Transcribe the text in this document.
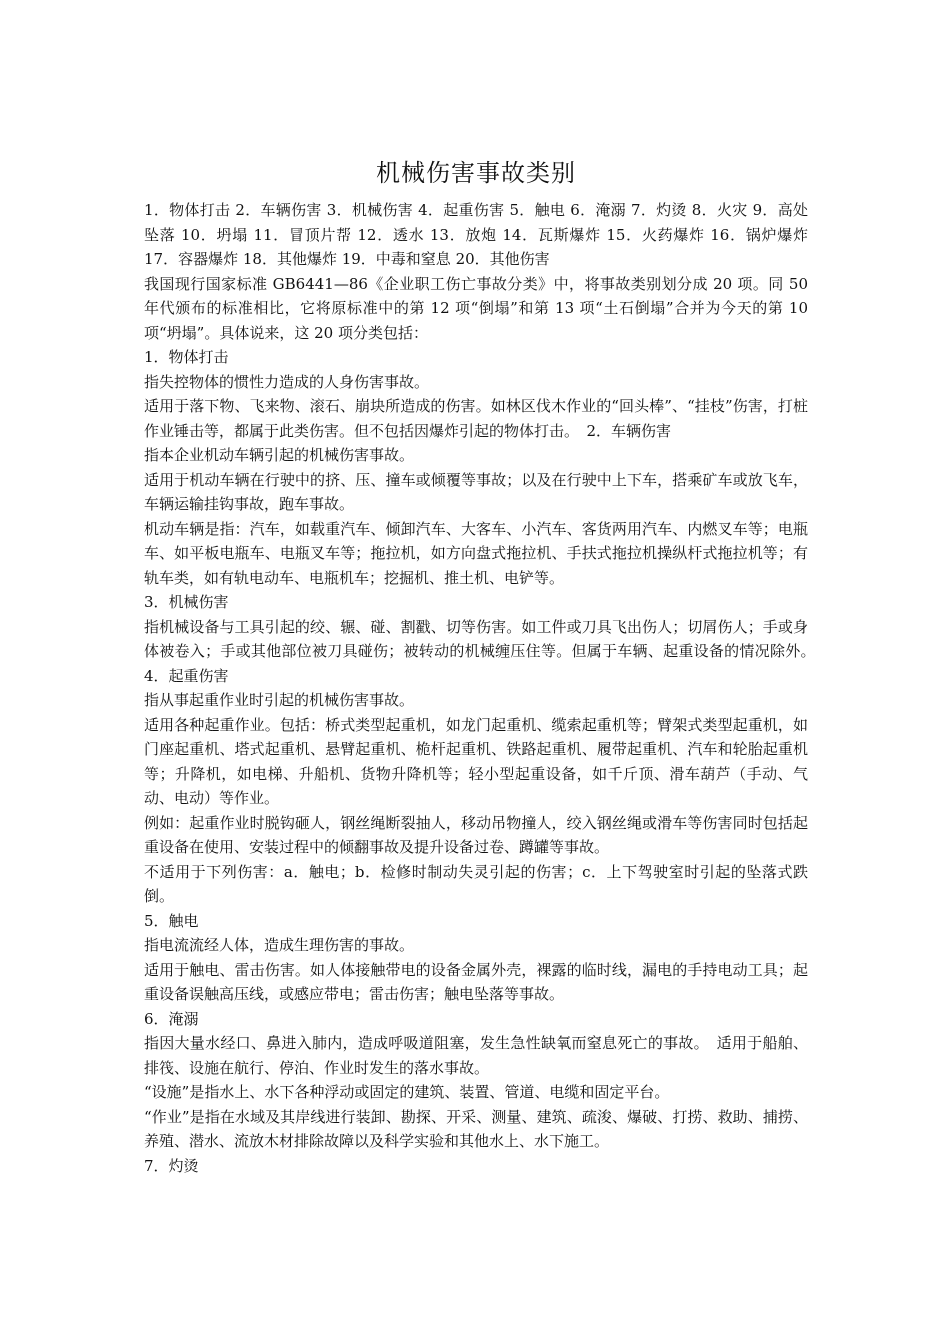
机械伤害事故类别

1．物体打击 2．车辆伤害 3．机械伤害 4．起重伤害 5．触电 6．淹溺 7．灼烫 8．火灾 9．高处坠落 10．坍塌 11．冒顶片帮 12．透水 13．放炮 14．瓦斯爆炸 15．火药爆炸 16．锅炉爆炸 17．容器爆炸 18．其他爆炸 19．中毒和窒息 20．其他伤害

我国现行国家标准 GB6441—86《企业职工伤亡事故分类》中，将事故类别划分成 20 项。同 50 年代颁布的标准相比，它将原标准中的第 12 项“倒塌”和第 13 项“土石倒塌”合并为今天的第 10 项“坍塌”。具体说来，这 20 项分类包括：

1．物体打击

指失控物体的惯性力造成的人身伤害事故。

适用于落下物、飞来物、滚石、崩块所造成的伤害。如林区伐木作业的“回头棒”、“挂枝”伤害，打桩作业锤击等，都属于此类伤害。但不包括因爆炸引起的物体打击。　2．车辆伤害

指本企业机动车辆引起的机械伤害事故。

适用于机动车辆在行驶中的挤、压、撞车或倾覆等事故；以及在行驶中上下车，搭乘矿车或放飞车，车辆运输挂钩事故，跑车事故。

机动车辆是指：汽车，如载重汽车、倾卸汽车、大客车、小汽车、客货两用汽车、内燃叉车等；电瓶车、如平板电瓶车、电瓶叉车等；拖拉机，如方向盘式拖拉机、手扶式拖拉机操纵杆式拖拉机等；有轨车类，如有轨电动车、电瓶机车；挖掘机、推土机、电铲等。

3．机械伤害

指机械设备与工具引起的绞、辗、碰、割戳、切等伤害。如工件或刀具飞出伤人；切屑伤人；手或身体被卷入；手或其他部位被刀具碰伤；被转动的机械缠压住等。但属于车辆、起重设备的情况除外。　4．起重伤害

指从事起重作业时引起的机械伤害事故。

适用各种起重作业。包括：桥式类型起重机，如龙门起重机、缆索起重机等；臂架式类型起重机，如门座起重机、塔式起重机、悬臂起重机、桅杆起重机、铁路起重机、履带起重机、汽车和轮胎起重机等；升降机，如电梯、升船机、货物升降机等；轻小型起重设备，如千斤顶、滑车葫芦（手动、气动、电动）等作业。

例如：起重作业时脱钩砸人，钢丝绳断裂抽人，移动吊物撞人，绞入钢丝绳或滑车等伤害同时包括起重设备在使用、安装过程中的倾翻事故及提升设备过卷、蹲罐等事故。

不适用于下列伤害：a．触电；b．检修时制动失灵引起的伤害；c．上下驾驶室时引起的坠落式跌倒。

5．触电

指电流流经人体，造成生理伤害的事故。

适用于触电、雷击伤害。如人体接触带电的设备金属外壳，裸露的临时线，漏电的手持电动工具；起重设备误触高压线，或感应带电；雷击伤害；触电坠落等事故。

6．淹溺

指因大量水经口、鼻进入肺内，造成呼吸道阻塞，发生急性缺氧而窒息死亡的事故。　适用于船舶、排筏、设施在航行、停泊、作业时发生的落水事故。

“设施”是指水上、水下各种浮动或固定的建筑、装置、管道、电缆和固定平台。

“作业”是指在水域及其岸线进行装卸、勘探、开采、测量、建筑、疏浚、爆破、打捞、救助、捕捞、养殖、潜水、流放木材排除故障以及科学实验和其他水上、水下施工。

7．灼烫
